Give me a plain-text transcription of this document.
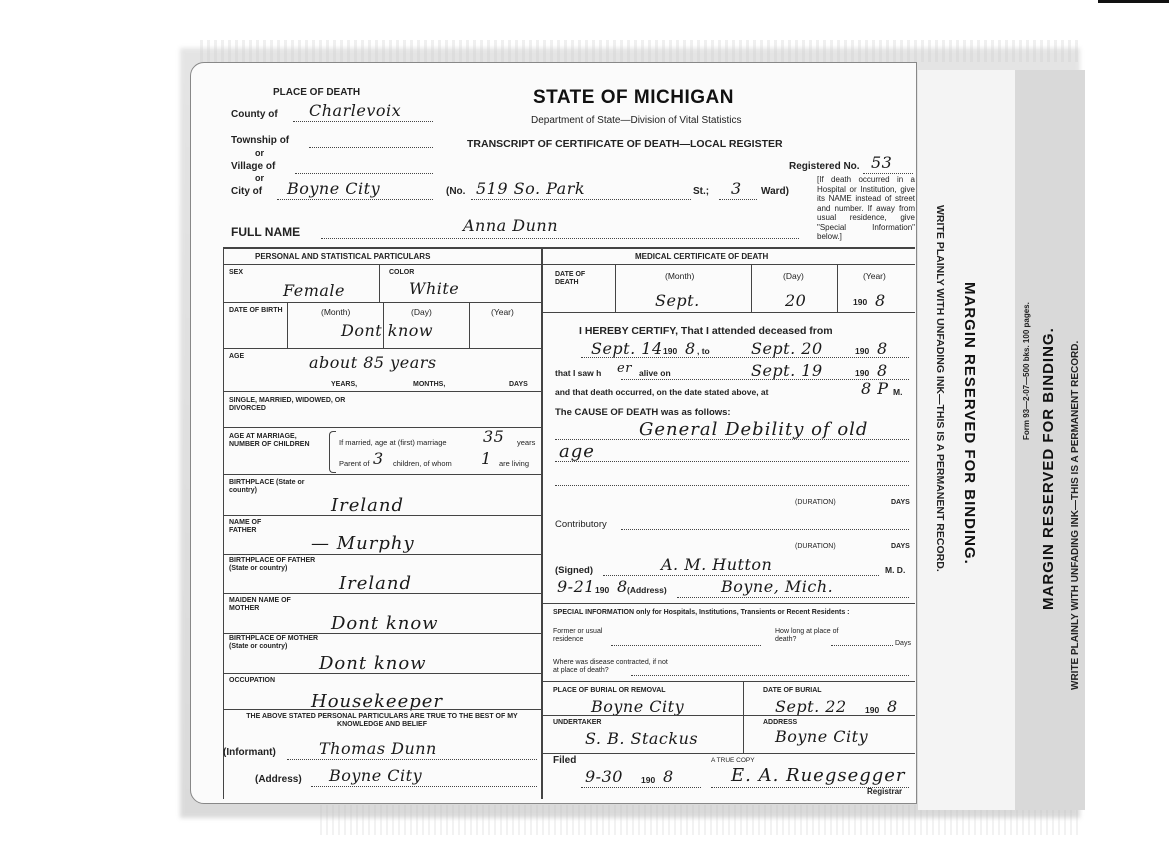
WRITE PLAINLY WITH UNFADING INK—THIS IS A PERMANENT RECORD. MARGIN RESERVED FOR BINDING.	Form 93—2-07—500 bks. 100 pages. MARGIN RESERVED FOR BINDING. WRITE PLAINLY WITH UNFADING INK—THIS IS A PERMANENT RECORD.
PLACE OF DEATH
County of Charlevoix
Township of
or
Village of
or
City of Boyne City	(No. 519 So. Park	St.; 3 Ward)
FULL NAME	Anna Dunn
STATE OF MICHIGAN
Department of State—Division of Vital Statistics
TRANSCRIPT OF CERTIFICATE OF DEATH—LOCAL REGISTER
Registered No. 53
[If death occurred in a Hospital or Institution, give its NAME instead of street and number. If away from usual residence, give "Special Information" below.]
PERSONAL AND STATISTICAL PARTICULARS
SEX	COLOR
Female	White
DATE OF BIRTH	(Month)	(Day)	(Year)
Dont know
AGE	about 85 years
YEARS,	MONTHS,	DAYS
SINGLE, MARRIED, WIDOWED, OR DIVORCED
AGE AT MARRIAGE, NUMBER OF CHILDREN	If married, age at (first) marriage 35 years
Parent of 3 children, of whom 1 are living
BIRTHPLACE (State or country)
Ireland
NAME OF FATHER
— Murphy
BIRTHPLACE OF FATHER (State or country)
Ireland
MAIDEN NAME OF MOTHER
Dont know
BIRTHPLACE OF MOTHER (State or country)
Dont know
OCCUPATION
Housekeeper
THE ABOVE STATED PERSONAL PARTICULARS ARE TRUE TO THE BEST OF MY KNOWLEDGE AND BELIEF
(Informant)	Thomas Dunn
(Address) Boyne City
MEDICAL CERTIFICATE OF DEATH
DATE OF DEATH
(Month)	(Day)	(Year)
Sept.	20	190 8
I HEREBY CERTIFY, That I attended deceased from
Sept. 14 190 8 , to	Sept. 20	190 8
that I saw h er alive on	Sept. 19	190 8
and that death occurred, on the date stated above, at	8 P M.
The CAUSE OF DEATH was as follows:
General Debility of old
age
(DURATION)	DAYS
Contributory
(DURATION)	DAYS
(Signed)	A. M. Hutton	M. D.
9-21 190 8 (Address)	Boyne, Mich.
SPECIAL INFORMATION only for Hospitals, Institutions, Transients or Recent Residents :
Former or usual residence
How long at place of death?
Days
Where was disease contracted, if not at place of death?
PLACE OF BURIAL OR REMOVAL	DATE OF BURIAL
Boyne City	Sept. 22 190 8
UNDERTAKER	ADDRESS
S. B. Stackus	Boyne City
Filed	A TRUE COPY
9-30 190 8	E. A. Ruegsegger
Registrar
